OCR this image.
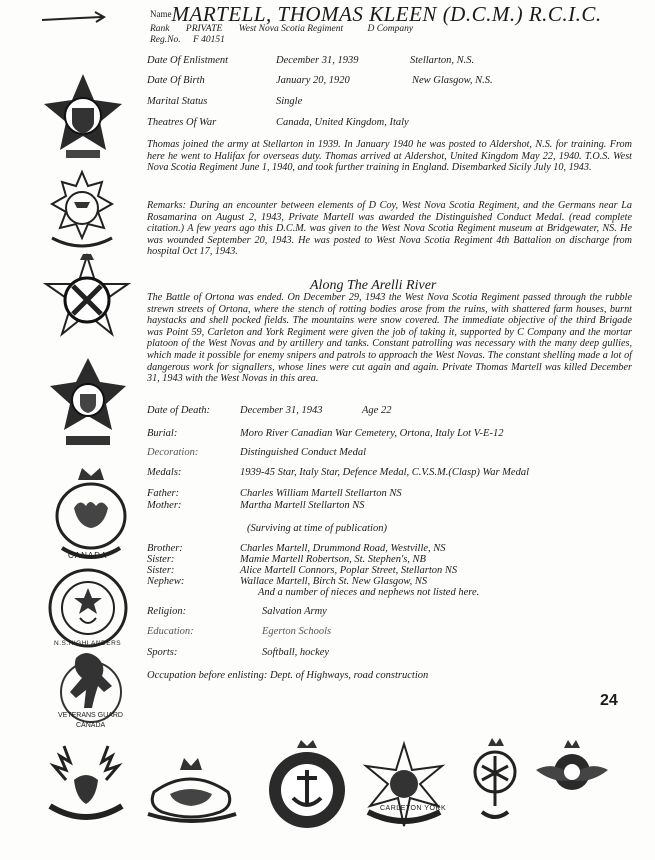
NameMARTELL, THOMAS KLEEN (D.C.M.) R.C.I.C.
Rank PRIVATE West Nova Scotia Regiment	D Company
Reg.No. F 40151
Date Of Enlistment	December 31, 1939	Stellarton, N.S.
Date Of Birth	January 20, 1920	New Glasgow, N.S.
Marital Status	Single
Theatres Of War	Canada, United Kingdom, Italy

Thomas joined the army at Stellarton in 1939. In January 1940 he was posted to Aldershot, N.S. for training. From here he went to Halifax for overseas duty. Thomas arrived at Aldershot, United Kingdom May 22, 1940. T.O.S. West Nova Scotia Regiment June 1, 1940, and took further training in England. Disembarked Sicily July 10, 1943.

Remarks: During an encounter between elements of D Coy, West Nova Scotia Regiment, and the Germans near La Rosamarina on August 2, 1943, Private Martell was awarded the Distinguished Conduct Medal. (read complete citation.) A few years ago this D.C.M. was given to the West Nova Scotia Regiment museum at Bridgewater, NS. He was wounded September 20, 1943. He was posted to West Nova Scotia Regiment 4th Battalion on discharge from hospital Oct 17, 1943.

Along The Arelli River

The Battle of Ortona was ended. On December 29, 1943 the West Nova Scotia Regiment passed through the rubble strewn streets of Ortona, where the stench of rotting bodies arose from the ruins, with shattered farm houses, burnt haystacks and shell pocked fields. The mountains were snow covered. The immediate objective of the third Brigade was Point 59, Carleton and York Regiment were given the job of taking it, supported by C Company and the mortar platoon of the West Novas and by artillery and tanks. Constant patrolling was necessary with the many deep gullies, which made it possible for enemy snipers and patrols to approach the West Novas. The constant shelling made a lot of dangerous work for signallers, whose lines were cut again and again. Private Thomas Martell was killed December 31, 1943 with the West Novas in this area.

Date of Death:	December 31, 1943	Age 22
Burial:	Moro River Canadian War Cemetery, Ortona, Italy Lot V-E-12
Decoration:	Distinguished Conduct Medal
Medals:	1939-45 Star, Italy Star, Defence Medal, C.V.S.M.(Clasp) War Medal
Father:	Charles William Martell Stellarton NS
Mother:	Martha Martell Stellarton NS
(Surviving at time of publication)
Brother:	Charles Martell, Drummond Road, Westville, NS
Sister:	Mamie Martell Robertson, St. Stephen's, NB
Sister:	Alice Martell Connors, Poplar Street, Stellarton NS
Nephew:	Wallace Martell, Birch St. New Glasgow, NS
And a number of nieces and nephews not listed here.
Religion:	Salvation Army
Education:	Egerton Schools
Sports:	Softball, hockey
Occupation before enlisting: Dept. of Highways, road construction
24
CANADA
N.S.HIGHLANDERS
VETERANS GUARD
CANADA
CARLETON YORK
